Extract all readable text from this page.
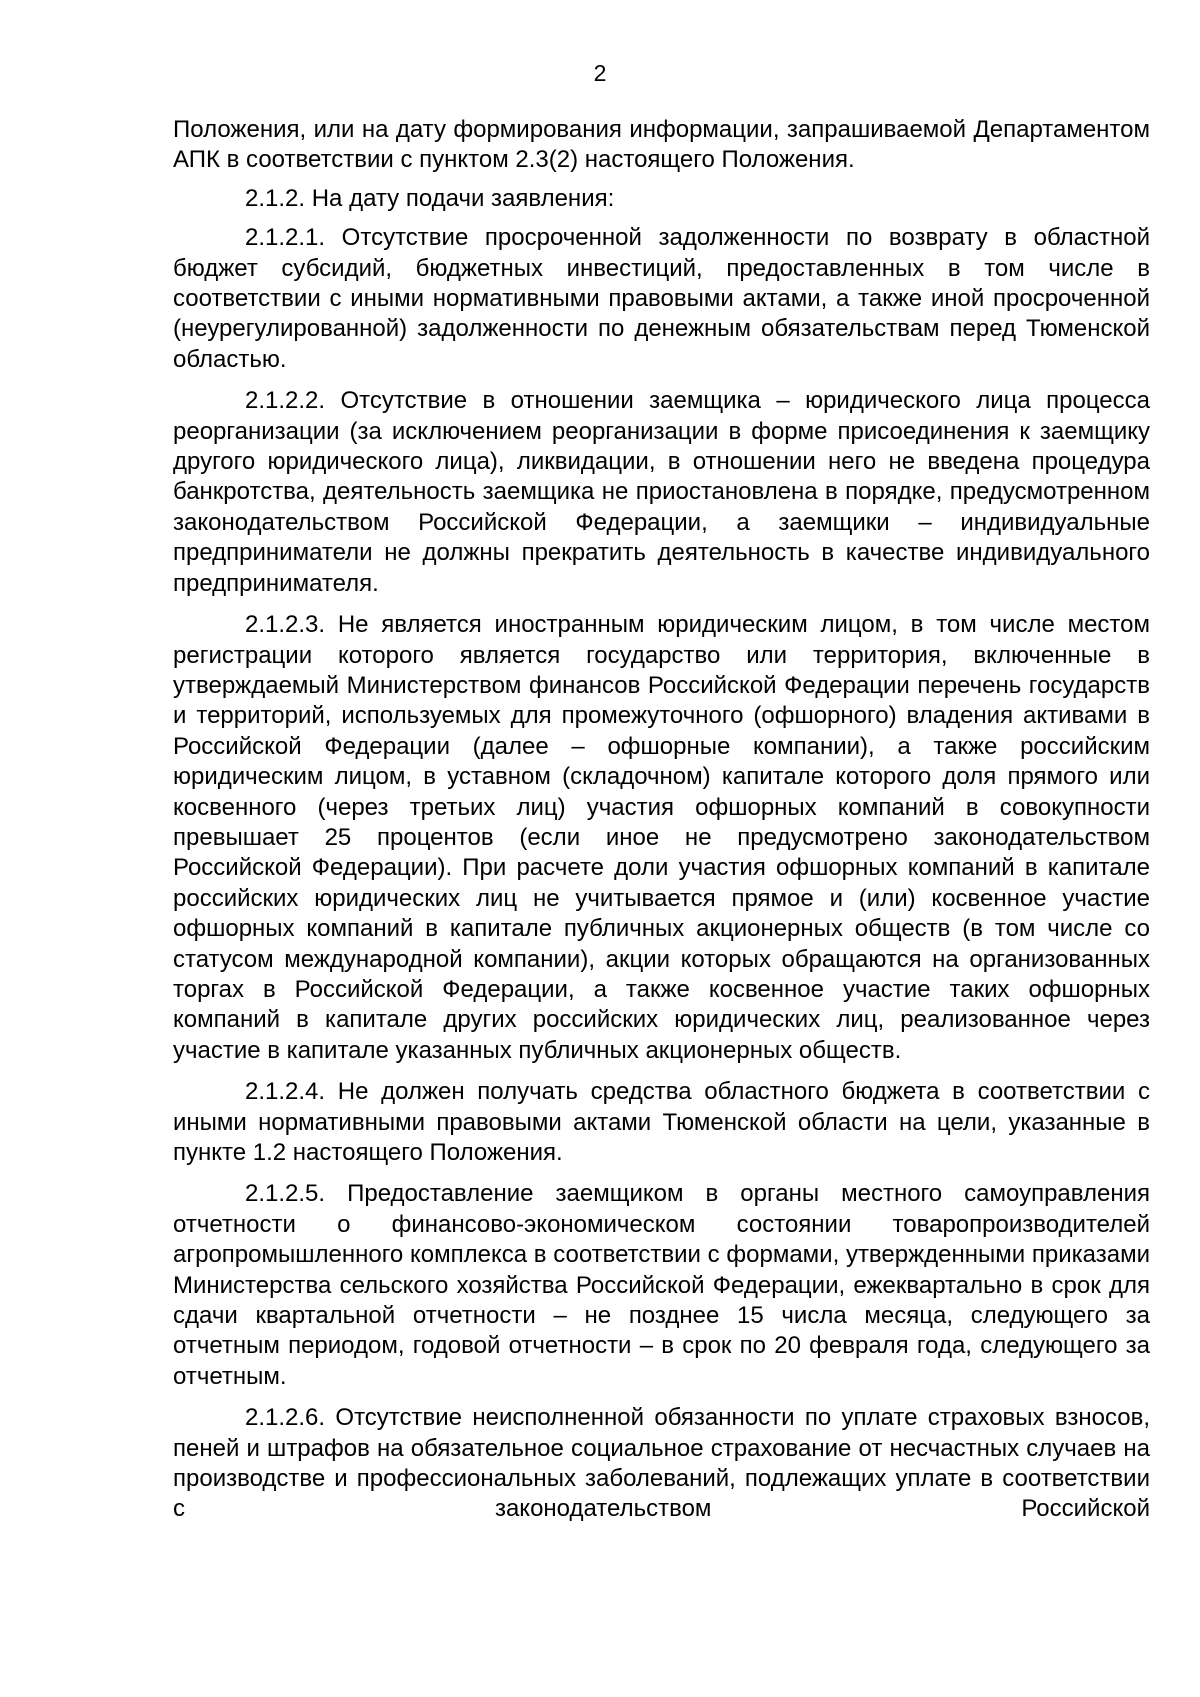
2

Положения, или на дату формирования информации, запрашиваемой Департаментом АПК в соответствии с пунктом 2.3(2) настоящего Положения.

2.1.2. На дату подачи заявления:

2.1.2.1. Отсутствие просроченной задолженности по возврату в областной бюджет субсидий, бюджетных инвестиций, предоставленных в том числе в соответствии с иными нормативными правовыми актами, а также иной просроченной (неурегулированной) задолженности по денежным обязательствам перед Тюменской областью.

2.1.2.2. Отсутствие в отношении заемщика – юридического лица процесса реорганизации (за исключением реорганизации в форме присоединения к заемщику другого юридического лица), ликвидации, в отношении него не введена процедура банкротства, деятельность заемщика не приостановлена в порядке, предусмотренном законодательством Российской Федерации, а заемщики – индивидуальные предприниматели не должны прекратить деятельность в качестве индивидуального предпринимателя.

2.1.2.3. Не является иностранным юридическим лицом, в том числе местом регистрации которого является государство или территория, включенные в утверждаемый Министерством финансов Российской Федерации перечень государств и территорий, используемых для промежуточного (офшорного) владения активами в Российской Федерации (далее – офшорные компании), а также российским юридическим лицом, в уставном (складочном) капитале которого доля прямого или косвенного (через третьих лиц) участия офшорных компаний в совокупности превышает 25 процентов (если иное не предусмотрено законодательством Российской Федерации). При расчете доли участия офшорных компаний в капитале российских юридических лиц не учитывается прямое и (или) косвенное участие офшорных компаний в капитале публичных акционерных обществ (в том числе со статусом международной компании), акции которых обращаются на организованных торгах в Российской Федерации, а также косвенное участие таких офшорных компаний в капитале других российских юридических лиц, реализованное через участие в капитале указанных публичных акционерных обществ.

2.1.2.4. Не должен получать средства областного бюджета в соответствии с иными нормативными правовыми актами Тюменской области на цели, указанные в пункте 1.2 настоящего Положения.

2.1.2.5. Предоставление заемщиком в органы местного самоуправления отчетности о финансово-экономическом состоянии товаропроизводителей агропромышленного комплекса в соответствии с формами, утвержденными приказами Министерства сельского хозяйства Российской Федерации, ежеквартально в срок для сдачи квартальной отчетности – не позднее 15 числа месяца, следующего за отчетным периодом, годовой отчетности – в срок по 20 февраля года, следующего за отчетным.

2.1.2.6. Отсутствие неисполненной обязанности по уплате страховых взносов, пеней и штрафов на обязательное социальное страхование от несчастных случаев на производстве и профессиональных заболеваний, подлежащих уплате в соответствии с законодательством Российской
